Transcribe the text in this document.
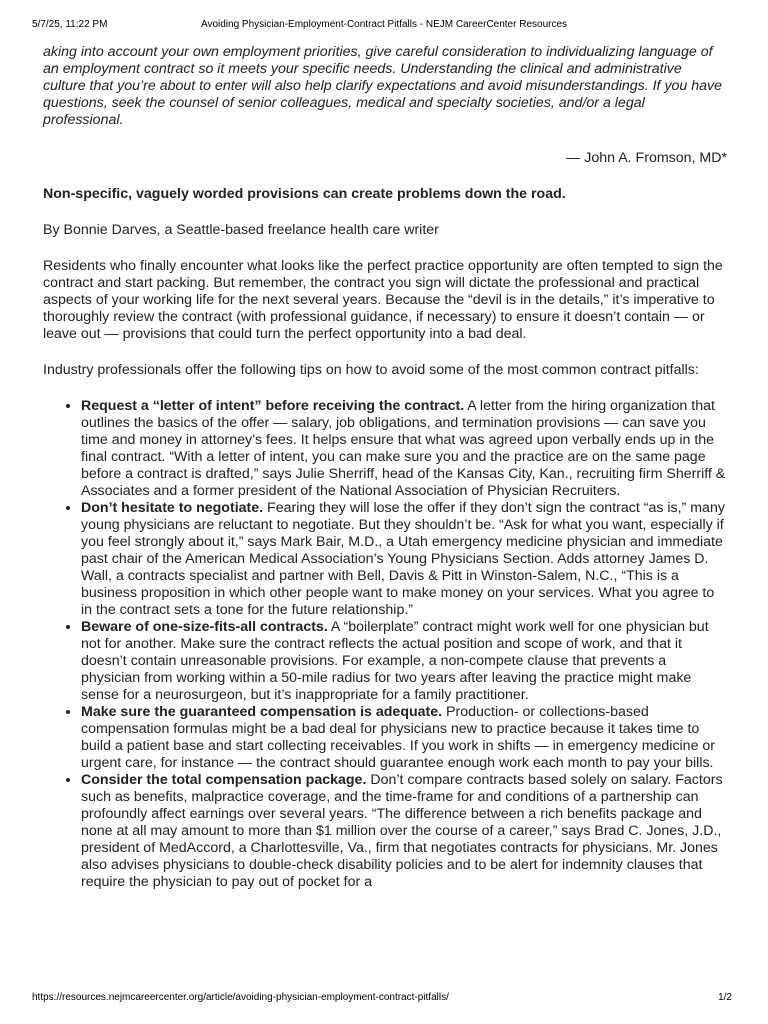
5/7/25, 11:22 PM	Avoiding Physician-Employment-Contract Pitfalls - NEJM CareerCenter Resources

aking into account your own employment priorities, give careful consideration to individualizing language of an employment contract so it meets your specific needs. Understanding the clinical and administrative culture that you’re about to enter will also help clarify expectations and avoid misunderstandings. If you have questions, seek the counsel of senior colleagues, medical and specialty societies, and/or a legal professional.

— John A. Fromson, MD*

Non-specific, vaguely worded provisions can create problems down the road.

By Bonnie Darves, a Seattle-based freelance health care writer

Residents who finally encounter what looks like the perfect practice opportunity are often tempted to sign the contract and start packing. But remember, the contract you sign will dictate the professional and practical aspects of your working life for the next several years. Because the “devil is in the details,” it’s imperative to thoroughly review the contract (with professional guidance, if necessary) to ensure it doesn’t contain — or leave out — provisions that could turn the perfect opportunity into a bad deal.

Industry professionals offer the following tips on how to avoid some of the most common contract pitfalls:

• Request a “letter of intent” before receiving the contract. A letter from the hiring organization that outlines the basics of the offer — salary, job obligations, and termination provisions — can save you time and money in attorney’s fees. It helps ensure that what was agreed upon verbally ends up in the final contract. “With a letter of intent, you can make sure you and the practice are on the same page before a contract is drafted,” says Julie Sherriff, head of the Kansas City, Kan., recruiting firm Sherriff & Associates and a former president of the National Association of Physician Recruiters.
• Don’t hesitate to negotiate. Fearing they will lose the offer if they don’t sign the contract “as is,” many young physicians are reluctant to negotiate. But they shouldn’t be. “Ask for what you want, especially if you feel strongly about it,” says Mark Bair, M.D., a Utah emergency medicine physician and immediate past chair of the American Medical Association’s Young Physicians Section. Adds attorney James D. Wall, a contracts specialist and partner with Bell, Davis & Pitt in Winston-Salem, N.C., “This is a business proposition in which other people want to make money on your services. What you agree to in the contract sets a tone for the future relationship.”
• Beware of one-size-fits-all contracts. A “boilerplate” contract might work well for one physician but not for another. Make sure the contract reflects the actual position and scope of work, and that it doesn’t contain unreasonable provisions. For example, a non-compete clause that prevents a physician from working within a 50-mile radius for two years after leaving the practice might make sense for a neurosurgeon, but it’s inappropriate for a family practitioner.
• Make sure the guaranteed compensation is adequate. Production- or collections-based compensation formulas might be a bad deal for physicians new to practice because it takes time to build a patient base and start collecting receivables. If you work in shifts — in emergency medicine or urgent care, for instance — the contract should guarantee enough work each month to pay your bills.
• Consider the total compensation package. Don’t compare contracts based solely on salary. Factors such as benefits, malpractice coverage, and the time-frame for and conditions of a partnership can profoundly affect earnings over several years. “The difference between a rich benefits package and none at all may amount to more than $1 million over the course of a career,” says Brad C. Jones, J.D., president of MedAccord, a Charlottesville, Va., firm that negotiates contracts for physicians. Mr. Jones also advises physicians to double-check disability policies and to be alert for indemnity clauses that require the physician to pay out of pocket for a
https://resources.nejmcareercenter.org/article/avoiding-physician-employment-contract-pitfalls/	1/2
